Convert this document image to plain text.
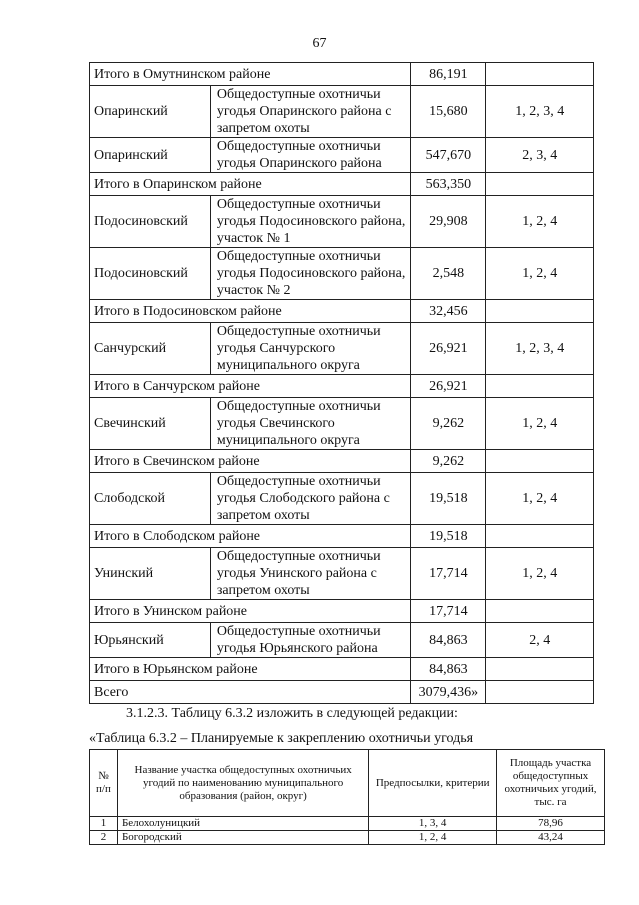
67
Итого в Омутнинском районе		86,191	
Опаринский	Общедоступные охотничьи угодья Опаринского района с запретом охоты	15,680	1, 2, 3, 4
Опаринский	Общедоступные охотничьи угодья Опаринского района	547,670	2, 3, 4
Итого в Опаринском районе		563,350	
Подосиновский	Общедоступные охотничьи угодья Подосиновского района, участок № 1	29,908	1, 2, 4
Подосиновский	Общедоступные охотничьи угодья Подосиновского района, участок № 2	2,548	1, 2, 4
Итого в Подосиновском районе		32,456	
Санчурский	Общедоступные охотничьи угодья Санчурского муниципального округа	26,921	1, 2, 3, 4
Итого в Санчурском районе		26,921	
Свечинский	Общедоступные охотничьи угодья Свечинского муниципального округа	9,262	1, 2, 4
Итого в Свечинском районе		9,262	
Слободской	Общедоступные охотничьи угодья Слободского района с запретом охоты	19,518	1, 2, 4
Итого в Слободском районе		19,518	
Унинский	Общедоступные охотничьи угодья Унинского района с запретом охоты	17,714	1, 2, 4
Итого в Унинском районе		17,714	
Юрьянский	Общедоступные охотничьи угодья Юрьянского района	84,863	2, 4
Итого в Юрьянском районе		84,863	
Всего		3079,436»	
3.1.2.3. Таблицу 6.3.2 изложить в следующей редакции:
«Таблица 6.3.2 – Планируемые к закреплению охотничьи угодья
№ п/п	Название участка общедоступных охотничьих угодий по наименованию муниципального образования (район, округ)	Предпосылки, критерии	Площадь участка общедоступных охотничьих угодий, тыс. га
1	Белохолуницкий	1, 3, 4	78,96
2	Богородский	1, 2, 4	43,24
